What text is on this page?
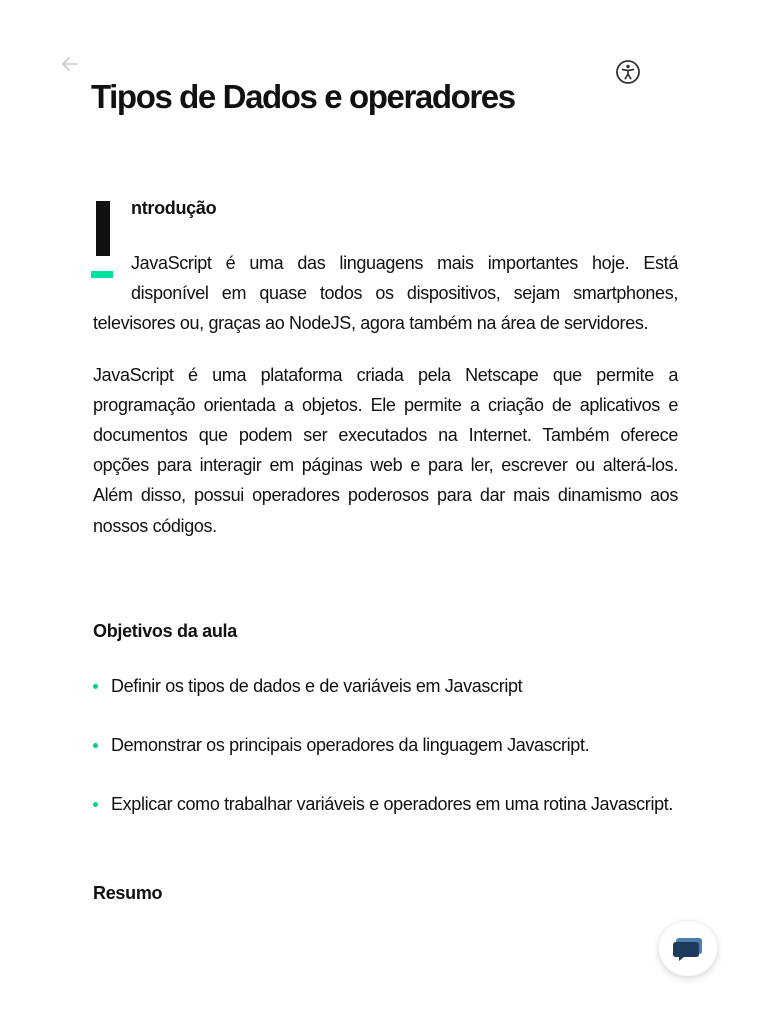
Tipos de Dados e operadores
ntrodução

JavaScript é uma das linguagens mais importantes hoje. Está disponível em quase todos os dispositivos, sejam smartphones, televisores ou, graças ao NodeJS, agora também na área de servidores.

JavaScript é uma plataforma criada pela Netscape que permite a programação orientada a objetos. Ele permite a criação de aplicativos e documentos que podem ser executados na Internet. Também oferece opções para interagir em páginas web e para ler, escrever ou alterá-los. Além disso, possui operadores poderosos para dar mais dinamismo aos nossos códigos.

Objetivos da aula
Definir os tipos de dados e de variáveis em Javascript
Demonstrar os principais operadores da linguagem Javascript.
Explicar como trabalhar variáveis e operadores em uma rotina Javascript.
Resumo
